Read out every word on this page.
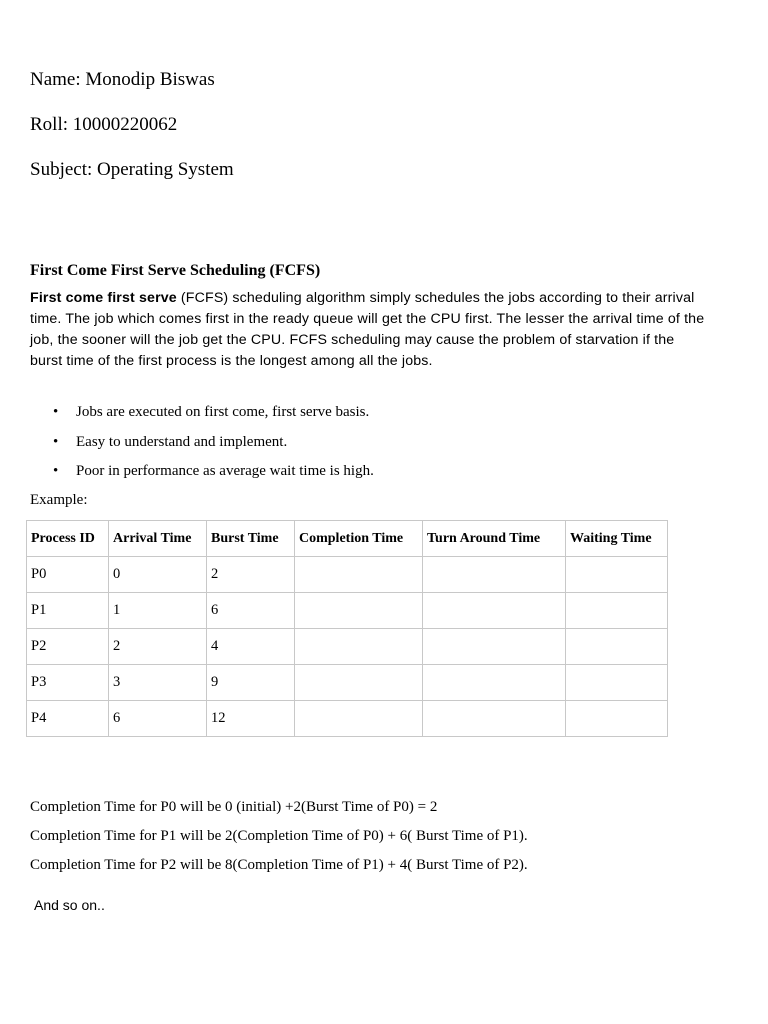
Name: Monodip Biswas
Roll: 10000220062
Subject: Operating System
First Come First Serve Scheduling (FCFS)

First come first serve (FCFS) scheduling algorithm simply schedules the jobs according to their arrival time. The job which comes first in the ready queue will get the CPU first. The lesser the arrival time of the job, the sooner will the job get the CPU. FCFS scheduling may cause the problem of starvation if the burst time of the first process is the longest among all the jobs.

• Jobs are executed on first come, first serve basis.
• Easy to understand and implement.
• Poor in performance as average wait time is high.
Example:
Process ID	Arrival Time	Burst Time	Completion Time	Turn Around Time	Waiting Time
P0	0	2			
P1	1	6			
P2	2	4			
P3	3	9			
P4	6	12			
Completion Time for P0 will be 0 (initial) +2(Burst Time of P0) = 2
Completion Time for P1 will be 2(Completion Time of P0) + 6( Burst Time of P1).
Completion Time for P2 will be 8(Completion Time of P1) + 4( Burst Time of P2).
And so on..
